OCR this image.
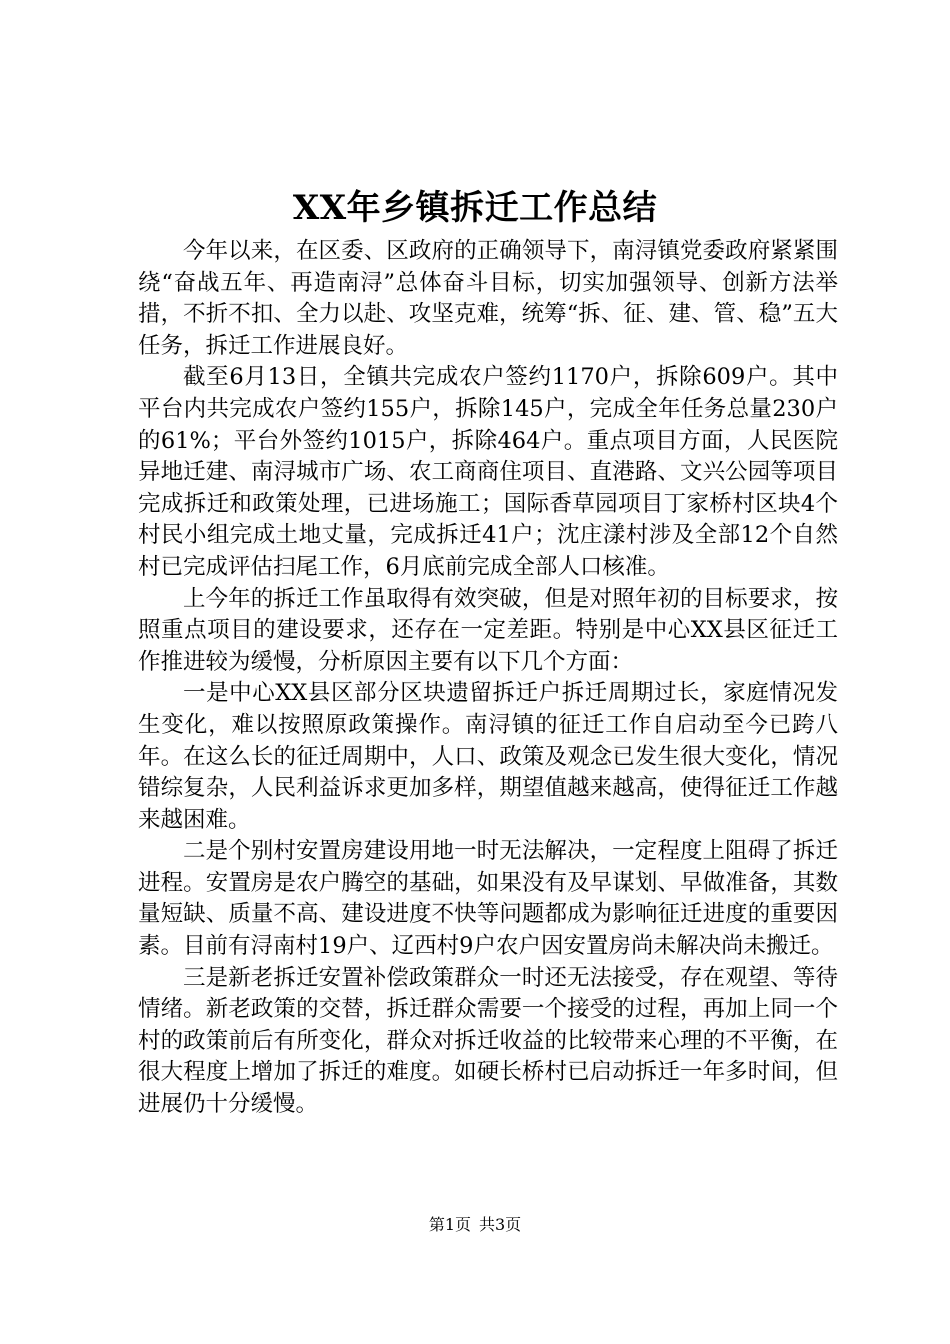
XX年乡镇拆迁工作总结

今年以来，在区委、区政府的正确领导下，南浔镇党委政府紧紧围绕“奋战五年、再造南浔”总体奋斗目标，切实加强领导、创新方法举措，不折不扣、全力以赴、攻坚克难，统筹“拆、征、建、管、稳”五大任务，拆迁工作进展良好。

截至6月13日，全镇共完成农户签约1170户，拆除609户。其中平台内共完成农户签约155户，拆除145户，完成全年任务总量230户的61%；平台外签约1015户，拆除464户。重点项目方面，人民医院异地迁建、南浔城市广场、农工商商住项目、直港路、文兴公园等项目完成拆迁和政策处理，已进场施工；国际香草园项目丁家桥村区块4个村民小组完成土地丈量，完成拆迁41户；沈庄漾村涉及全部12个自然村已完成评估扫尾工作，6月底前完成全部人口核准。

上今年的拆迁工作虽取得有效突破，但是对照年初的目标要求，按照重点项目的建设要求，还存在一定差距。特别是中心XX县区征迁工作推进较为缓慢，分析原因主要有以下几个方面：

一是中心XX县区部分区块遗留拆迁户拆迁周期过长，家庭情况发生变化，难以按照原政策操作。南浔镇的征迁工作自启动至今已跨八年。在这么长的征迁周期中，人口、政策及观念已发生很大变化，情况错综复杂，人民利益诉求更加多样，期望值越来越高，使得征迁工作越来越困难。

二是个别村安置房建设用地一时无法解决，一定程度上阻碍了拆迁进程。安置房是农户腾空的基础，如果没有及早谋划、早做准备，其数量短缺、质量不高、建设进度不快等问题都成为影响征迁进度的重要因素。目前有浔南村19户、辽西村9户农户因安置房尚未解决尚未搬迁。

三是新老拆迁安置补偿政策群众一时还无法接受，存在观望、等待情绪。新老政策的交替，拆迁群众需要一个接受的过程，再加上同一个村的政策前后有所变化，群众对拆迁收益的比较带来心理的不平衡，在很大程度上增加了拆迁的难度。如硬长桥村已启动拆迁一年多时间，但进展仍十分缓慢。

第1页 共3页
